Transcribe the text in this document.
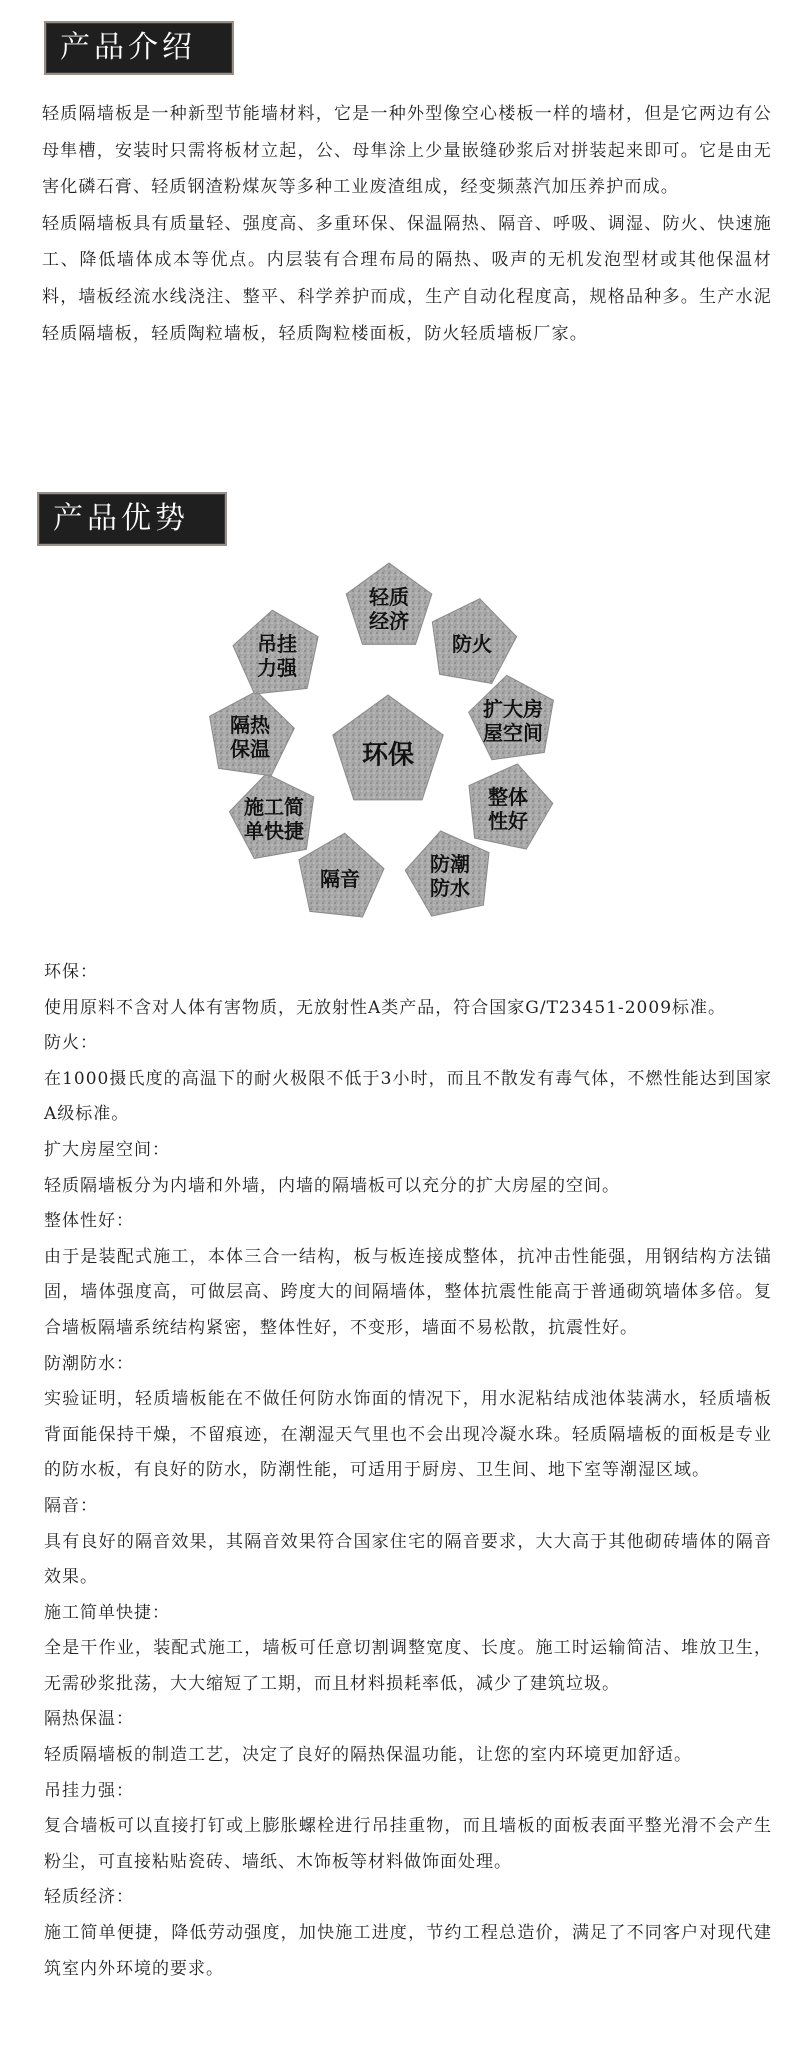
产品介绍

轻质隔墙板是一种新型节能墙材料，它是一种外型像空心楼板一样的墙材，但是它两边有公母隼槽，安装时只需将板材立起，公、母隼涂上少量嵌缝砂浆后对拼装起来即可。它是由无害化磷石膏、轻质钢渣粉煤灰等多种工业废渣组成，经变频蒸汽加压养护而成。

轻质隔墙板具有质量轻、强度高、多重环保、保温隔热、隔音、呼吸、调湿、防火、快速施工、降低墙体成本等优点。内层装有合理布局的隔热、吸声的无机发泡型材或其他保温材料，墙板经流水线浇注、整平、科学养护而成，生产自动化程度高，规格品种多。生产水泥轻质隔墙板，轻质陶粒墙板，轻质陶粒楼面板，防火轻质墙板厂家。

产品优势
环保
轻质
经济
防火
扩大房
屋空间
整体
性好
防潮
防水
隔音
施工简
单快捷
隔热
保温
吊挂
力强

环保：

使用原料不含对人体有害物质，无放射性A类产品，符合国家G/T23451-2009标准。

防火：

在1000摄氏度的高温下的耐火极限不低于3小时，而且不散发有毒气体，不燃性能达到国家A级标准。

扩大房屋空间：

轻质隔墙板分为内墙和外墙，内墙的隔墙板可以充分的扩大房屋的空间。

整体性好：

由于是装配式施工，本体三合一结构，板与板连接成整体，抗冲击性能强，用钢结构方法锚固，墙体强度高，可做层高、跨度大的间隔墙体，整体抗震性能高于普通砌筑墙体多倍。复合墙板隔墙系统结构紧密，整体性好，不变形，墙面不易松散，抗震性好。

防潮防水：

实验证明，轻质墙板能在不做任何防水饰面的情况下，用水泥粘结成池体装满水，轻质墙板背面能保持干燥，不留痕迹，在潮湿天气里也不会出现冷凝水珠。轻质隔墙板的面板是专业的防水板，有良好的防水，防潮性能，可适用于厨房、卫生间、地下室等潮湿区域。

隔音：

具有良好的隔音效果，其隔音效果符合国家住宅的隔音要求，大大高于其他砌砖墙体的隔音效果。

施工简单快捷：

全是干作业，装配式施工，墙板可任意切割调整宽度、长度。施工时运输简洁、堆放卫生，无需砂浆批荡，大大缩短了工期，而且材料损耗率低，减少了建筑垃圾。

隔热保温：

轻质隔墙板的制造工艺，决定了良好的隔热保温功能，让您的室内环境更加舒适。

吊挂力强：

复合墙板可以直接打钉或上膨胀螺栓进行吊挂重物，而且墙板的面板表面平整光滑不会产生粉尘，可直接粘贴瓷砖、墙纸、木饰板等材料做饰面处理。

轻质经济：

施工简单便捷，降低劳动强度，加快施工进度，节约工程总造价，满足了不同客户对现代建筑室内外环境的要求。
